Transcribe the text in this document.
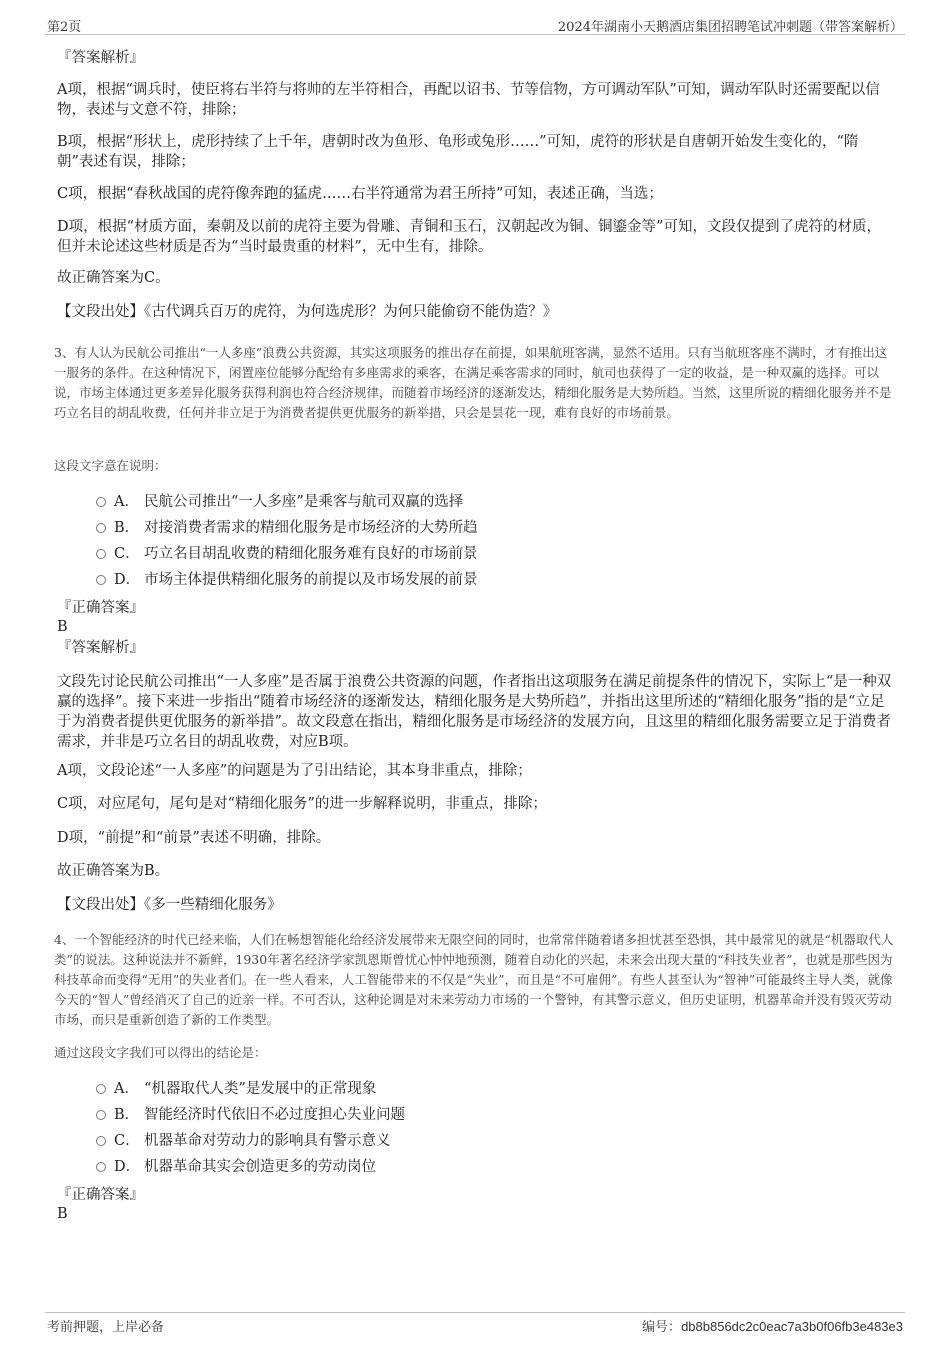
第2页	2024年湖南小天鹅酒店集团招聘笔试冲刺题（带答案解析）

『答案解析』

A项，根据“调兵时，使臣将右半符与将帅的左半符相合，再配以诏书、节等信物，方可调动军队”可知，调动军队时还需要配以信物，表述与文意不符，排除；

B项，根据“形状上，虎形持续了上千年，唐朝时改为鱼形、龟形或兔形……”可知，虎符的形状是自唐朝开始发生变化的，“隋朝”表述有误，排除；

C项，根据“春秋战国的虎符像奔跑的猛虎……右半符通常为君王所持”可知，表述正确，当选；

D项，根据“材质方面，秦朝及以前的虎符主要为骨雕、青铜和玉石，汉朝起改为铜、铜鎏金等”可知，文段仅提到了虎符的材质，但并未论述这些材质是否为“当时最贵重的材料”，无中生有，排除。

故正确答案为C。

【文段出处】《古代调兵百万的虎符，为何选虎形？为何只能偷窃不能伪造？》

3、有人认为民航公司推出“一人多座”浪费公共资源，其实这项服务的推出存在前提，如果航班客满，显然不适用。只有当航班客座不满时，才有推出这一服务的条件。在这种情况下，闲置座位能够分配给有多座需求的乘客，在满足乘客需求的同时，航司也获得了一定的收益，是一种双赢的选择。可以说，市场主体通过更多差异化服务获得利润也符合经济规律，而随着市场经济的逐渐发达，精细化服务是大势所趋。当然，这里所说的精细化服务并不是巧立名目的胡乱收费，任何并非立足于为消费者提供更优服务的新举措，只会是昙花一现，难有良好的市场前景。

这段文字意在说明：

A． 民航公司推出“一人多座”是乘客与航司双赢的选择
B． 对接消费者需求的精细化服务是市场经济的大势所趋
C． 巧立名目胡乱收费的精细化服务难有良好的市场前景
D． 市场主体提供精细化服务的前提以及市场发展的前景

『正确答案』

B

『答案解析』

文段先讨论民航公司推出“一人多座”是否属于浪费公共资源的问题，作者指出这项服务在满足前提条件的情况下，实际上“是一种双赢的选择”。接下来进一步指出“随着市场经济的逐渐发达，精细化服务是大势所趋”，并指出这里所述的“精细化服务”指的是“立足于为消费者提供更优服务的新举措”。故文段意在指出，精细化服务是市场经济的发展方向，且这里的精细化服务需要立足于消费者需求，并非是巧立名目的胡乱收费，对应B项。

A项，文段论述“一人多座”的问题是为了引出结论，其本身非重点，排除；

C项，对应尾句，尾句是对“精细化服务”的进一步解释说明，非重点，排除；

D项，“前提”和“前景”表述不明确，排除。

故正确答案为B。

【文段出处】《多一些精细化服务》

4、一个智能经济的时代已经来临，人们在畅想智能化给经济发展带来无限空间的同时，也常常伴随着诸多担忧甚至恐惧，其中最常见的就是“机器取代人类”的说法。这种说法并不新鲜，1930年著名经济学家凯恩斯曾忧心忡忡地预测，随着自动化的兴起，未来会出现大量的“科技失业者”，也就是那些因为科技革命而变得“无用”的失业者们。在一些人看来，人工智能带来的不仅是“失业”，而且是“不可雇佣”。有些人甚至认为“智神”可能最终主导人类，就像今天的“智人”曾经消灭了自己的近亲一样。不可否认，这种论调是对未来劳动力市场的一个警钟，有其警示意义，但历史证明，机器革命并没有毁灭劳动市场，而只是重新创造了新的工作类型。

通过这段文字我们可以得出的结论是：

A． “机器取代人类”是发展中的正常现象
B． 智能经济时代依旧不必过度担心失业问题
C． 机器革命对劳动力的影响具有警示意义
D． 机器革命其实会创造更多的劳动岗位

『正确答案』

B

考前押题，上岸必备	编号：db8b856dc2c0eac7a3b0f06fb3e483e3
